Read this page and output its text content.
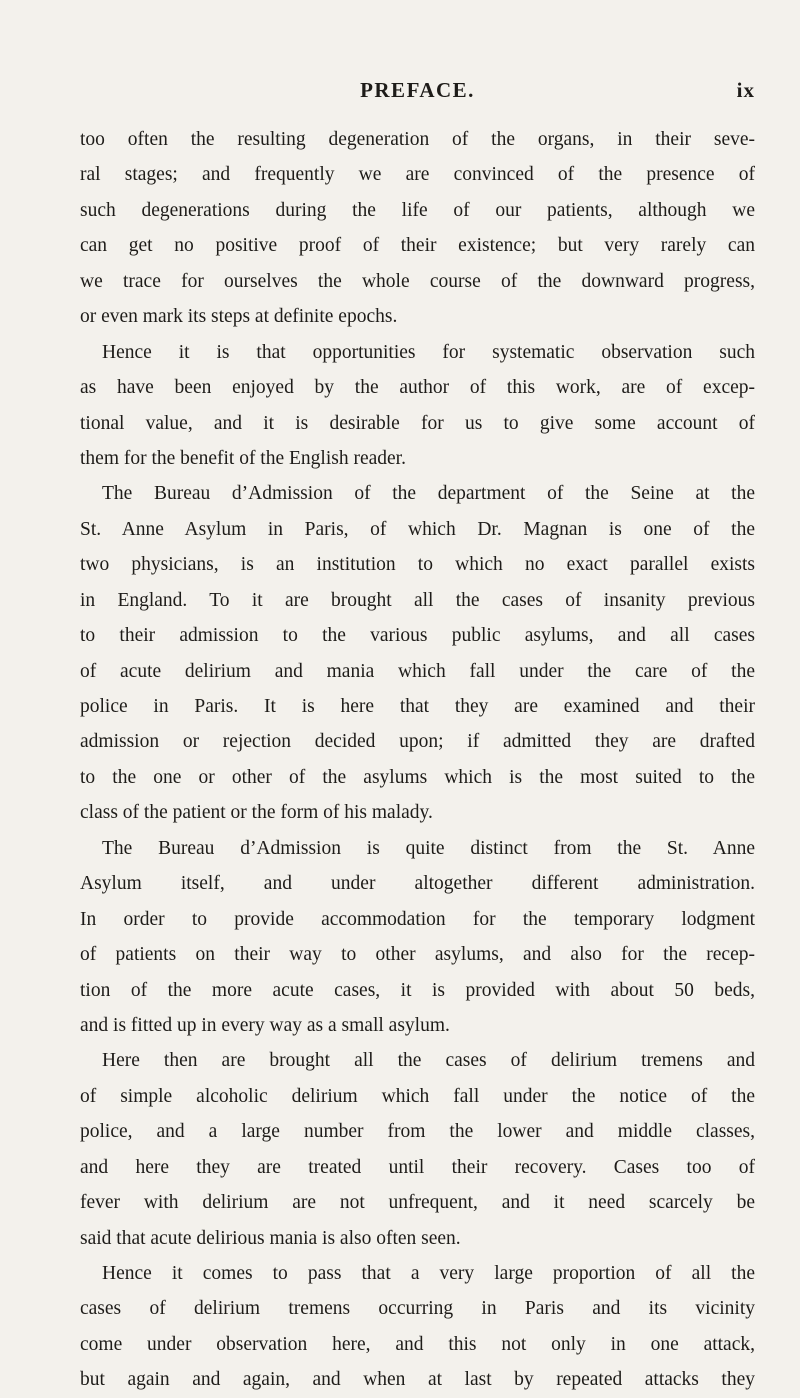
PREFACE.	ix
too often the resulting degeneration of the organs, in their seve-
ral stages; and frequently we are convinced of the presence of
such degenerations during the life of our patients, although we
can get no positive proof of their existence; but very rarely can
we trace for ourselves the whole course of the downward progress,
or even mark its steps at definite epochs.
Hence it is that opportunities for systematic observation such
as have been enjoyed by the author of this work, are of excep-
tional value, and it is desirable for us to give some account of
them for the benefit of the English reader.
The Bureau d’Admission of the department of the Seine at the
St. Anne Asylum in Paris, of which Dr. Magnan is one of the
two physicians, is an institution to which no exact parallel exists
in England. To it are brought all the cases of insanity previous
to their admission to the various public asylums, and all cases
of acute delirium and mania which fall under the care of the
police in Paris. It is here that they are examined and their
admission or rejection decided upon; if admitted they are drafted
to the one or other of the asylums which is the most suited to the
class of the patient or the form of his malady.
The Bureau d’Admission is quite distinct from the St. Anne
Asylum itself, and under altogether different administration.
In order to provide accommodation for the temporary lodgment
of patients on their way to other asylums, and also for the recep-
tion of the more acute cases, it is provided with about 50 beds,
and is fitted up in every way as a small asylum.
Here then are brought all the cases of delirium tremens and
of simple alcoholic delirium which fall under the notice of the
police, and a large number from the lower and middle classes,
and here they are treated until their recovery. Cases too of
fever with delirium are not unfrequent, and it need scarcely be
said that acute delirious mania is also often seen.
Hence it comes to pass that a very large proportion of all the
cases of delirium tremens occurring in Paris and its vicinity
come under observation here, and this not only in one attack,
but again and again, and when at last by repeated attacks they
